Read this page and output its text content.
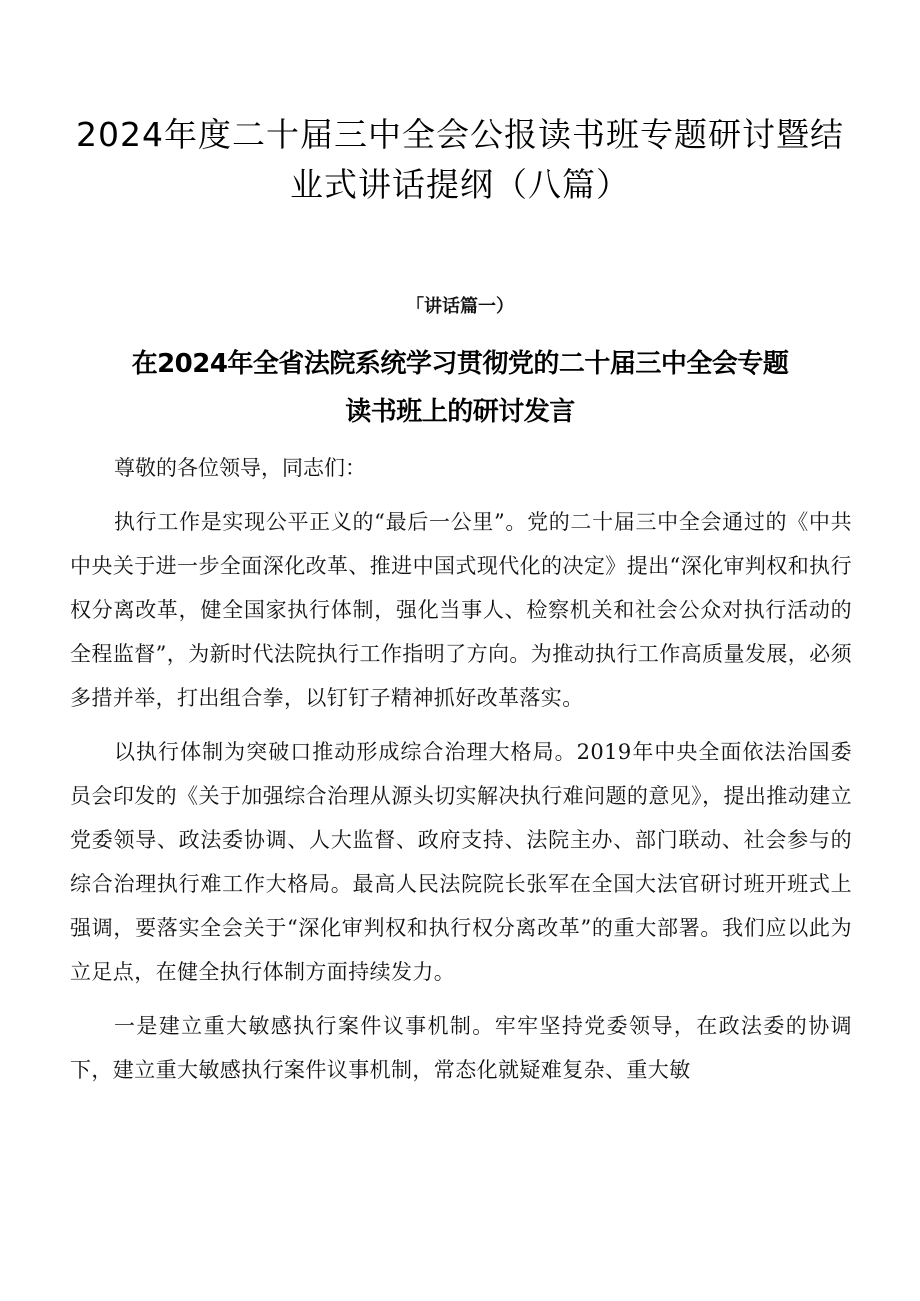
2024年度二十届三中全会公报读书班专题研讨暨结业式讲话提纲（八篇）
「讲话篇一）
在2024年全省法院系统学习贯彻党的二十届三中全会专题读书班上的研讨发言

尊敬的各位领导，同志们：

执行工作是实现公平正义的“最后一公里”。党的二十届三中全会通过的《中共中央关于进一步全面深化改革、推进中国式现代化的决定》提出“深化审判权和执行权分离改革，健全国家执行体制，强化当事人、检察机关和社会公众对执行活动的全程监督”，为新时代法院执行工作指明了方向。为推动执行工作高质量发展，必须多措并举，打出组合拳，以钉钉子精神抓好改革落实。

以执行体制为突破口推动形成综合治理大格局。2019年中央全面依法治国委员会印发的《关于加强综合治理从源头切实解决执行难问题的意见》，提出推动建立党委领导、政法委协调、人大监督、政府支持、法院主办、部门联动、社会参与的综合治理执行难工作大格局。最高人民法院院长张军在全国大法官研讨班开班式上强调，要落实全会关于“深化审判权和执行权分离改革”的重大部署。我们应以此为立足点，在健全执行体制方面持续发力。

一是建立重大敏感执行案件议事机制。牢牢坚持党委领导，在政法委的协调下，建立重大敏感执行案件议事机制，常态化就疑难复杂、重大敏
